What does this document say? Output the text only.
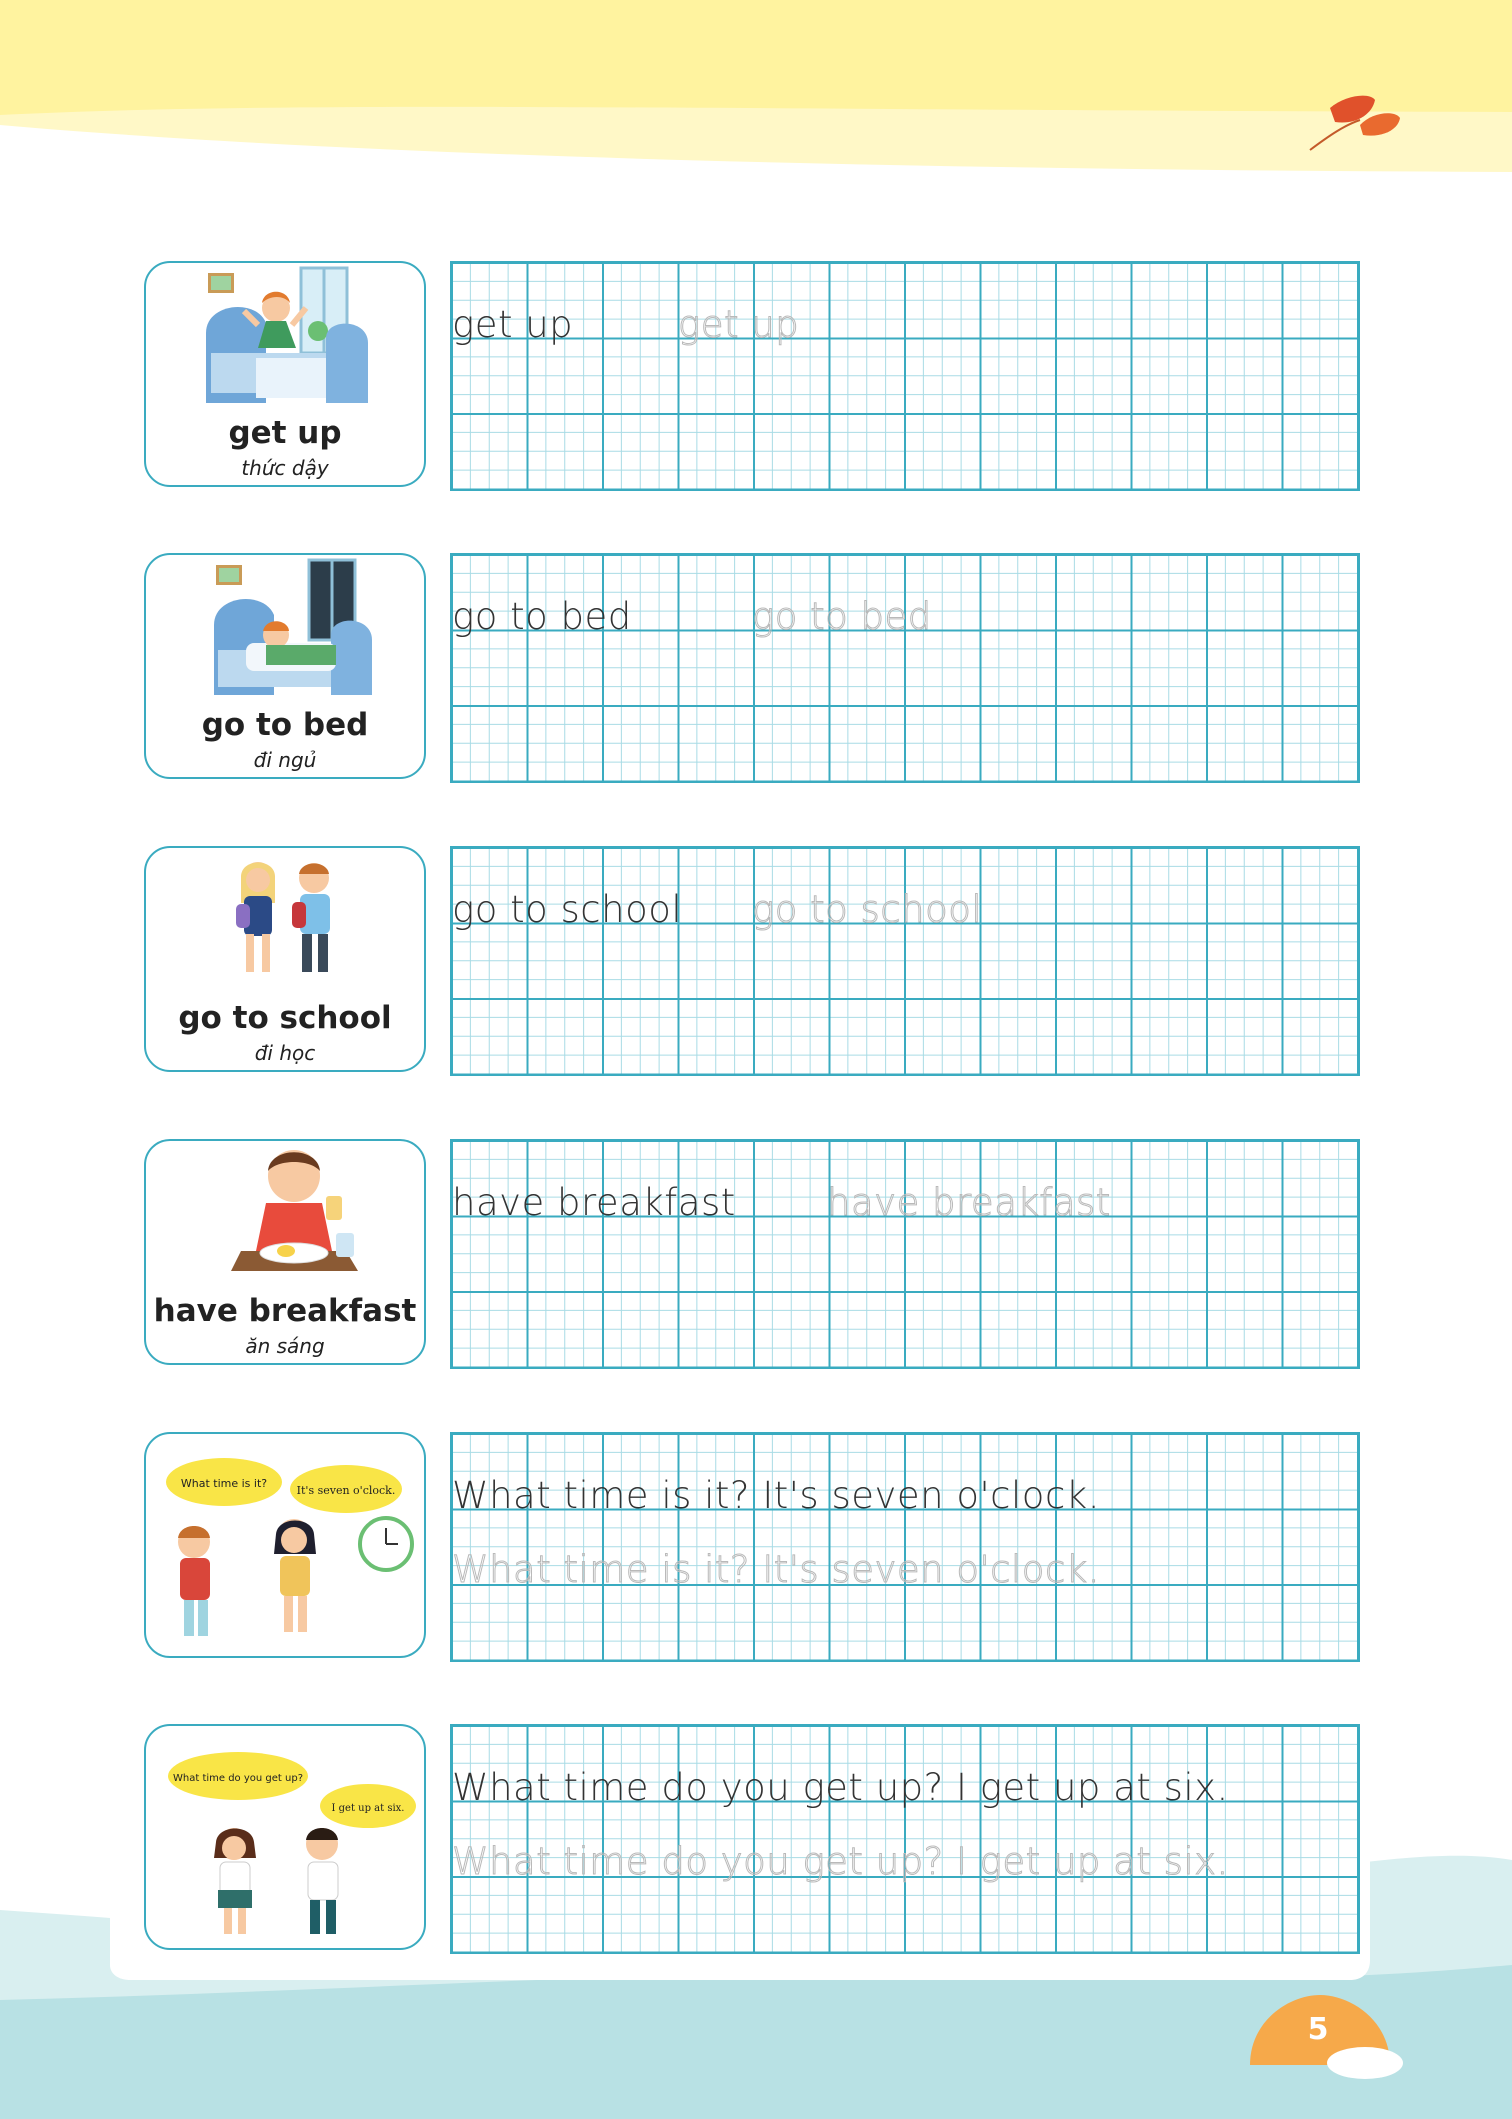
get up
thức dậy
get up	get up
go to bed
đi ngủ
go to bed	go to bed
go to school
đi học
go to school go to school
have breakfast
ăn sáng
have breakfast have breakfast
What time is it?
It's seven o'clock. What time is it? It's seven o'clock.
What time is it? It's seven o'clock.
What time do you get up?
I get up at six. What time do you get up? I get up at six.
What time do you get up? I get up at six.
5
